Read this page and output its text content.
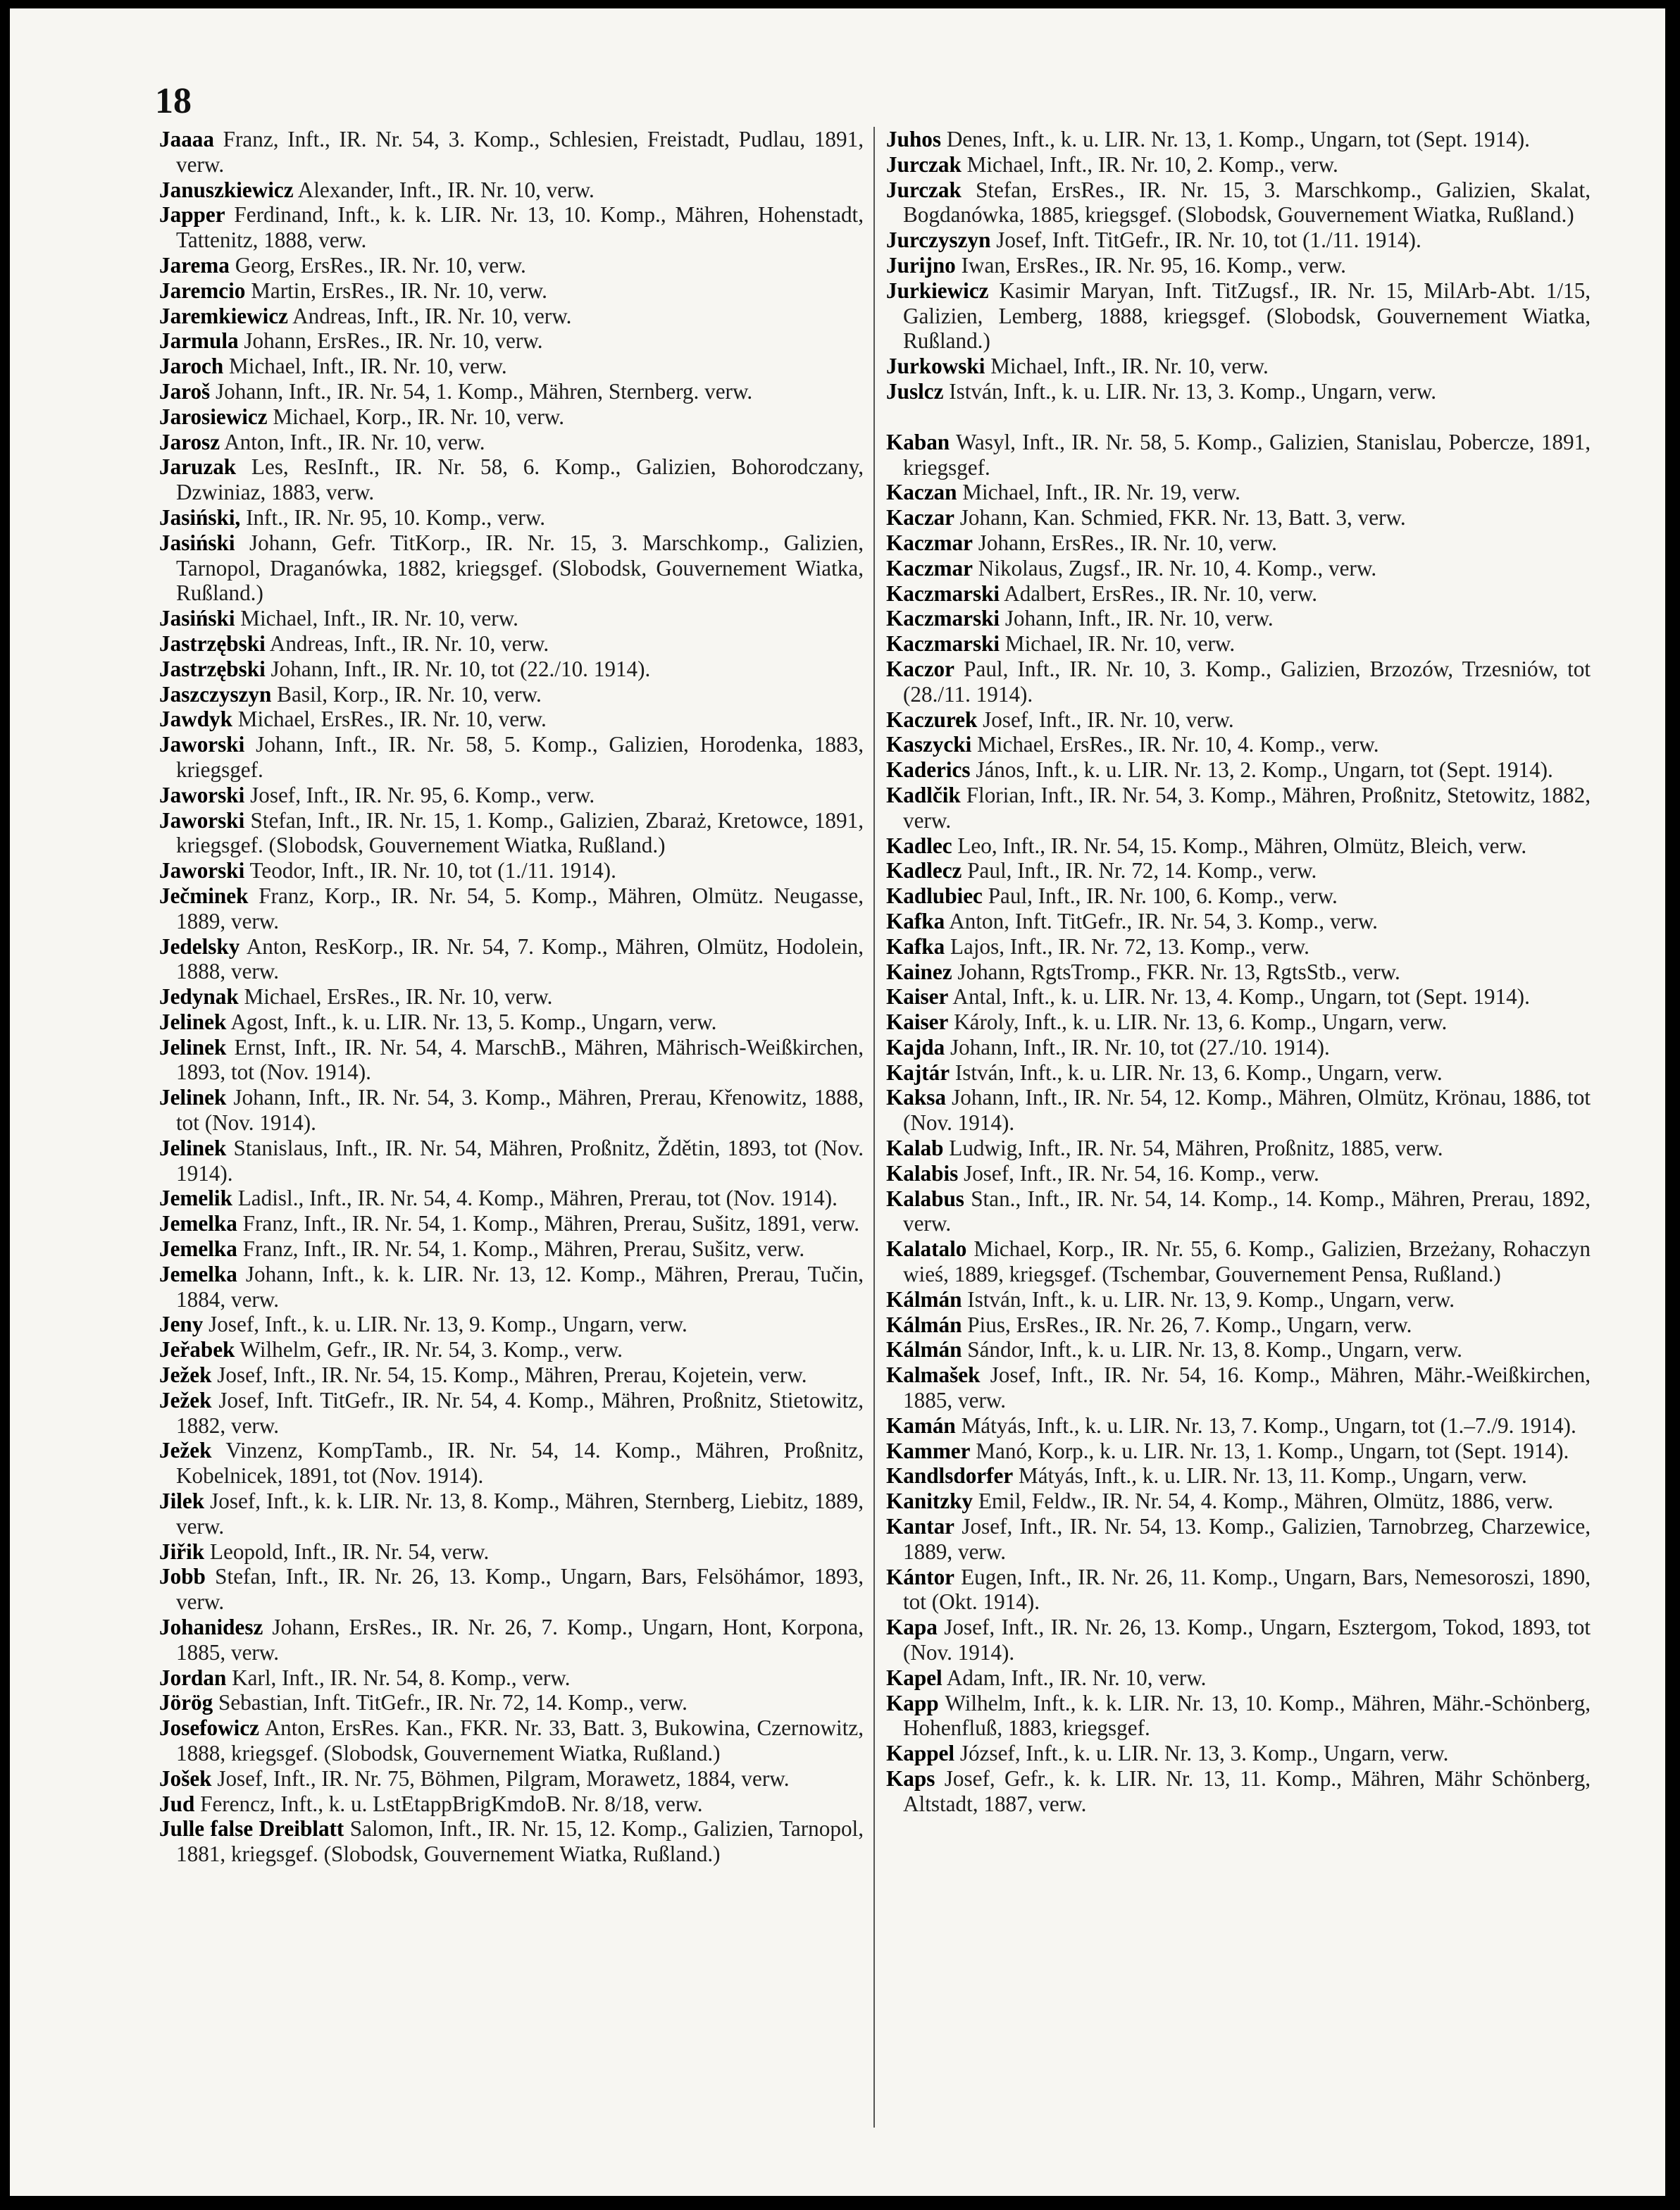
18

Jaaaa Franz, Inft., IR. Nr. 54, 3. Komp., Schlesien, Freistadt, Pudlau, 1891, verw.

Januszkiewicz Alexander, Inft., IR. Nr. 10, verw.

Japper Ferdinand, Inft., k. k. LIR. Nr. 13, 10. Komp., Mähren, Hohenstadt, Tattenitz, 1888, verw.

Jarema Georg, ErsRes., IR. Nr. 10, verw.

Jaremcio Martin, ErsRes., IR. Nr. 10, verw.

Jaremkiewicz Andreas, Inft., IR. Nr. 10, verw.

Jarmula Johann, ErsRes., IR. Nr. 10, verw.

Jaroch Michael, Inft., IR. Nr. 10, verw.

Jaroš Johann, Inft., IR. Nr. 54, 1. Komp., Mähren, Sternberg. verw.

Jarosiewicz Michael, Korp., IR. Nr. 10, verw.

Jarosz Anton, Inft., IR. Nr. 10, verw.

Jaruzak Les, ResInft., IR. Nr. 58, 6. Komp., Galizien, Bohorodczany, Dzwiniaz, 1883, verw.

Jasiński, Inft., IR. Nr. 95, 10. Komp., verw.

Jasiński Johann, Gefr. TitKorp., IR. Nr. 15, 3. Marschkomp., Galizien, Tarnopol, Draganówka, 1882, kriegsgef. (Slobodsk, Gouvernement Wiatka, Rußland.)

Jasiński Michael, Inft., IR. Nr. 10, verw.

Jastrzębski Andreas, Inft., IR. Nr. 10, verw.

Jastrzębski Johann, Inft., IR. Nr. 10, tot (22./10. 1914).

Jaszczyszyn Basil, Korp., IR. Nr. 10, verw.

Jawdyk Michael, ErsRes., IR. Nr. 10, verw.

Jaworski Johann, Inft., IR. Nr. 58, 5. Komp., Galizien, Horodenka, 1883, kriegsgef.

Jaworski Josef, Inft., IR. Nr. 95, 6. Komp., verw.

Jaworski Stefan, Inft., IR. Nr. 15, 1. Komp., Galizien, Zbaraż, Kretowce, 1891, kriegsgef. (Slobodsk, Gouvernement Wiatka, Rußland.)

Jaworski Teodor, Inft., IR. Nr. 10, tot (1./11. 1914).

Ječminek Franz, Korp., IR. Nr. 54, 5. Komp., Mähren, Olmütz. Neugasse, 1889, verw.

Jedelsky Anton, ResKorp., IR. Nr. 54, 7. Komp., Mähren, Olmütz, Hodolein, 1888, verw.

Jedynak Michael, ErsRes., IR. Nr. 10, verw.

Jelinek Agost, Inft., k. u. LIR. Nr. 13, 5. Komp., Ungarn, verw.

Jelinek Ernst, Inft., IR. Nr. 54, 4. MarschB., Mähren, Mährisch-Weißkirchen, 1893, tot (Nov. 1914).

Jelinek Johann, Inft., IR. Nr. 54, 3. Komp., Mähren, Prerau, Křenowitz, 1888, tot (Nov. 1914).

Jelinek Stanislaus, Inft., IR. Nr. 54, Mähren, Proßnitz, Ždětin, 1893, tot (Nov. 1914).

Jemelik Ladisl., Inft., IR. Nr. 54, 4. Komp., Mähren, Prerau, tot (Nov. 1914).

Jemelka Franz, Inft., IR. Nr. 54, 1. Komp., Mähren, Prerau, Sušitz, 1891, verw.

Jemelka Franz, Inft., IR. Nr. 54, 1. Komp., Mähren, Prerau, Sušitz, verw.

Jemelka Johann, Inft., k. k. LIR. Nr. 13, 12. Komp., Mähren, Prerau, Tučin, 1884, verw.

Jeny Josef, Inft., k. u. LIR. Nr. 13, 9. Komp., Ungarn, verw.

Jeřabek Wilhelm, Gefr., IR. Nr. 54, 3. Komp., verw.

Ježek Josef, Inft., IR. Nr. 54, 15. Komp., Mähren, Prerau, Kojetein, verw.

Ježek Josef, Inft. TitGefr., IR. Nr. 54, 4. Komp., Mähren, Proßnitz, Stietowitz, 1882, verw.

Ježek Vinzenz, KompTamb., IR. Nr. 54, 14. Komp., Mähren, Proßnitz, Kobelnicek, 1891, tot (Nov. 1914).

Jilek Josef, Inft., k. k. LIR. Nr. 13, 8. Komp., Mähren, Sternberg, Liebitz, 1889, verw.

Jiřik Leopold, Inft., IR. Nr. 54, verw.

Jobb Stefan, Inft., IR. Nr. 26, 13. Komp., Ungarn, Bars, Felsöhámor, 1893, verw.

Johanidesz Johann, ErsRes., IR. Nr. 26, 7. Komp., Ungarn, Hont, Korpona, 1885, verw.

Jordan Karl, Inft., IR. Nr. 54, 8. Komp., verw.

Jörög Sebastian, Inft. TitGefr., IR. Nr. 72, 14. Komp., verw.

Josefowicz Anton, ErsRes. Kan., FKR. Nr. 33, Batt. 3, Bukowina, Czernowitz, 1888, kriegsgef. (Slobodsk, Gouvernement Wiatka, Rußland.)

Jošek Josef, Inft., IR. Nr. 75, Böhmen, Pilgram, Morawetz, 1884, verw.

Jud Ferencz, Inft., k. u. LstEtappBrigKmdoB. Nr. 8/18, verw.

Julle false Dreiblatt Salomon, Inft., IR. Nr. 15, 12. Komp., Galizien, Tarnopol, 1881, kriegsgef. (Slobodsk, Gouvernement Wiatka, Rußland.)

Juhos Denes, Inft., k. u. LIR. Nr. 13, 1. Komp., Ungarn, tot (Sept. 1914).

Jurczak Michael, Inft., IR. Nr. 10, 2. Komp., verw.

Jurczak Stefan, ErsRes., IR. Nr. 15, 3. Marschkomp., Galizien, Skalat, Bogdanówka, 1885, kriegsgef. (Slobodsk, Gouvernement Wiatka, Rußland.)

Jurczyszyn Josef, Inft. TitGefr., IR. Nr. 10, tot (1./11. 1914).

Jurijno Iwan, ErsRes., IR. Nr. 95, 16. Komp., verw.

Jurkiewicz Kasimir Maryan, Inft. TitZugsf., IR. Nr. 15, MilArb-Abt. 1/15, Galizien, Lemberg, 1888, kriegsgef. (Slobodsk, Gouvernement Wiatka, Rußland.)

Jurkowski Michael, Inft., IR. Nr. 10, verw.

Juslcz István, Inft., k. u. LIR. Nr. 13, 3. Komp., Ungarn, verw.

Kaban Wasyl, Inft., IR. Nr. 58, 5. Komp., Galizien, Stanislau, Pobercze, 1891, kriegsgef.

Kaczan Michael, Inft., IR. Nr. 19, verw.

Kaczar Johann, Kan. Schmied, FKR. Nr. 13, Batt. 3, verw.

Kaczmar Johann, ErsRes., IR. Nr. 10, verw.

Kaczmar Nikolaus, Zugsf., IR. Nr. 10, 4. Komp., verw.

Kaczmarski Adalbert, ErsRes., IR. Nr. 10, verw.

Kaczmarski Johann, Inft., IR. Nr. 10, verw.

Kaczmarski Michael, IR. Nr. 10, verw.

Kaczor Paul, Inft., IR. Nr. 10, 3. Komp., Galizien, Brzozów, Trzesniów, tot (28./11. 1914).

Kaczurek Josef, Inft., IR. Nr. 10, verw.

Kaszycki Michael, ErsRes., IR. Nr. 10, 4. Komp., verw.

Kaderics János, Inft., k. u. LIR. Nr. 13, 2. Komp., Ungarn, tot (Sept. 1914).

Kadlčik Florian, Inft., IR. Nr. 54, 3. Komp., Mähren, Proßnitz, Stetowitz, 1882, verw.

Kadlec Leo, Inft., IR. Nr. 54, 15. Komp., Mähren, Olmütz, Bleich, verw.

Kadlecz Paul, Inft., IR. Nr. 72, 14. Komp., verw.

Kadlubiec Paul, Inft., IR. Nr. 100, 6. Komp., verw.

Kafka Anton, Inft. TitGefr., IR. Nr. 54, 3. Komp., verw.

Kafka Lajos, Inft., IR. Nr. 72, 13. Komp., verw.

Kainez Johann, RgtsTromp., FKR. Nr. 13, RgtsStb., verw.

Kaiser Antal, Inft., k. u. LIR. Nr. 13, 4. Komp., Ungarn, tot (Sept. 1914).

Kaiser Károly, Inft., k. u. LIR. Nr. 13, 6. Komp., Ungarn, verw.

Kajda Johann, Inft., IR. Nr. 10, tot (27./10. 1914).

Kajtár István, Inft., k. u. LIR. Nr. 13, 6. Komp., Ungarn, verw.

Kaksa Johann, Inft., IR. Nr. 54, 12. Komp., Mähren, Olmütz, Krönau, 1886, tot (Nov. 1914).

Kalab Ludwig, Inft., IR. Nr. 54, Mähren, Proßnitz, 1885, verw.

Kalabis Josef, Inft., IR. Nr. 54, 16. Komp., verw.

Kalabus Stan., Inft., IR. Nr. 54, 14. Komp., 14. Komp., Mähren, Prerau, 1892, verw.

Kalatalo Michael, Korp., IR. Nr. 55, 6. Komp., Galizien, Brzeżany, Rohaczyn wieś, 1889, kriegsgef. (Tschembar, Gouvernement Pensa, Rußland.)

Kálmán István, Inft., k. u. LIR. Nr. 13, 9. Komp., Ungarn, verw.

Kálmán Pius, ErsRes., IR. Nr. 26, 7. Komp., Ungarn, verw.

Kálmán Sándor, Inft., k. u. LIR. Nr. 13, 8. Komp., Ungarn, verw.

Kalmašek Josef, Inft., IR. Nr. 54, 16. Komp., Mähren, Mähr.-Weißkirchen, 1885, verw.

Kamán Mátyás, Inft., k. u. LIR. Nr. 13, 7. Komp., Ungarn, tot (1.–7./9. 1914).

Kammer Manó, Korp., k. u. LIR. Nr. 13, 1. Komp., Ungarn, tot (Sept. 1914).

Kandlsdorfer Mátyás, Inft., k. u. LIR. Nr. 13, 11. Komp., Ungarn, verw.

Kanitzky Emil, Feldw., IR. Nr. 54, 4. Komp., Mähren, Olmütz, 1886, verw.

Kantar Josef, Inft., IR. Nr. 54, 13. Komp., Galizien, Tarnobrzeg, Charzewice, 1889, verw.

Kántor Eugen, Inft., IR. Nr. 26, 11. Komp., Ungarn, Bars, Nemesoroszi, 1890, tot (Okt. 1914).

Kapa Josef, Inft., IR. Nr. 26, 13. Komp., Ungarn, Esztergom, Tokod, 1893, tot (Nov. 1914).

Kapel Adam, Inft., IR. Nr. 10, verw.

Kapp Wilhelm, Inft., k. k. LIR. Nr. 13, 10. Komp., Mähren, Mähr.-Schönberg, Hohenfluß, 1883, kriegsgef.

Kappel József, Inft., k. u. LIR. Nr. 13, 3. Komp., Ungarn, verw.

Kaps Josef, Gefr., k. k. LIR. Nr. 13, 11. Komp., Mähren, Mähr Schönberg, Altstadt, 1887, verw.
